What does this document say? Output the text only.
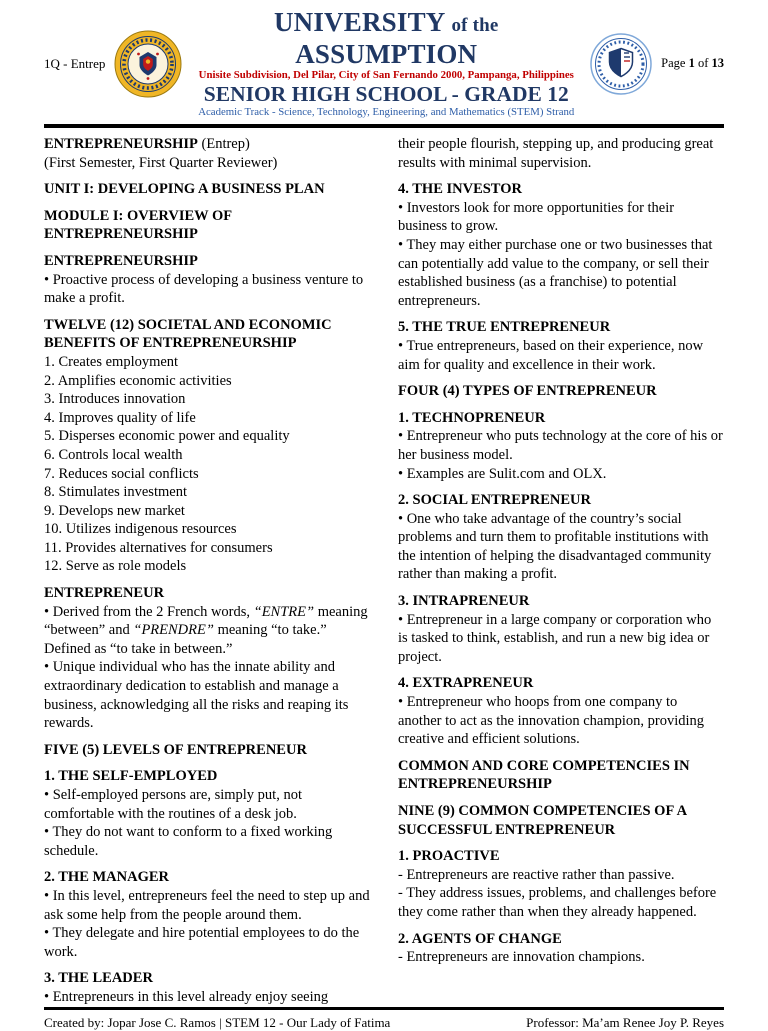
1Q - Entrep
UNIVERSITY of the ASSUMPTION
Unisite Subdivision, Del Pilar, City of San Fernando 2000, Pampanga, Philippines
SENIOR HIGH SCHOOL - GRADE 12
Academic Track - Science, Technology, Engineering, and Mathematics (STEM) Strand
Page 1 of 13

ENTREPRENEURSHIP (Entrep)

(First Semester, First Quarter Reviewer)

UNIT I: DEVELOPING A BUSINESS PLAN

MODULE I: OVERVIEW OF ENTREPRENEURSHIP

ENTREPRENEURSHIP

• Proactive process of developing a business venture to make a profit.

TWELVE (12) SOCIETAL AND ECONOMIC BENEFITS OF ENTREPRENEURSHIP

1. Creates employment

2. Amplifies economic activities

3. Introduces innovation

4. Improves quality of life

5. Disperses economic power and equality

6. Controls local wealth

7. Reduces social conflicts

8. Stimulates investment

9. Develops new market

10. Utilizes indigenous resources

11. Provides alternatives for consumers

12. Serve as role models

ENTREPRENEUR

• Derived from the 2 French words, “ENTRE” meaning “between” and “PRENDRE” meaning “to take.” Defined as “to take in between.”

• Unique individual who has the innate ability and extraordinary dedication to establish and manage a business, acknowledging all the risks and reaping its rewards.

FIVE (5) LEVELS OF ENTREPRENEUR

1. THE SELF-EMPLOYED

• Self-employed persons are, simply put, not comfortable with the routines of a desk job.

• They do not want to conform to a fixed working schedule.

2. THE MANAGER

• In this level, entrepreneurs feel the need to step up and ask some help from the people around them.

• They delegate and hire potential employees to do the work.

3. THE LEADER

• Entrepreneurs in this level already enjoy seeing

their people flourish, stepping up, and producing great results with minimal supervision.

4. THE INVESTOR

• Investors look for more opportunities for their business to grow.

• They may either purchase one or two businesses that can potentially add value to the company, or sell their established business (as a franchise) to potential entrepreneurs.

5. THE TRUE ENTREPRENEUR

• True entrepreneurs, based on their experience, now aim for quality and excellence in their work.

FOUR (4) TYPES OF ENTREPRENEUR

1. TECHNOPRENEUR

• Entrepreneur who puts technology at the core of his or her business model.

• Examples are Sulit.com and OLX.

2. SOCIAL ENTREPRENEUR

• One who take advantage of the country’s social problems and turn them to profitable institutions with the intention of helping the disadvantaged community rather than making a profit.

3. INTRAPRENEUR

• Entrepreneur in a large company or corporation who is tasked to think, establish, and run a new big idea or project.

4. EXTRAPRENEUR

• Entrepreneur who hoops from one company to another to act as the innovation champion, providing creative and efficient solutions.

COMMON AND CORE COMPETENCIES IN ENTREPRENEURSHIP

NINE (9) COMMON COMPETENCIES OF A SUCCESSFUL ENTREPRENEUR

1. PROACTIVE

- Entrepreneurs are reactive rather than passive.

- They address issues, problems, and challenges before they come rather than when they already happened.

2. AGENTS OF CHANGE

- Entrepreneurs are innovation champions.

Created by: Jopar Jose C. Ramos | STEM 12 - Our Lady of Fatima	Professor: Ma’am Renee Joy P. Reyes
